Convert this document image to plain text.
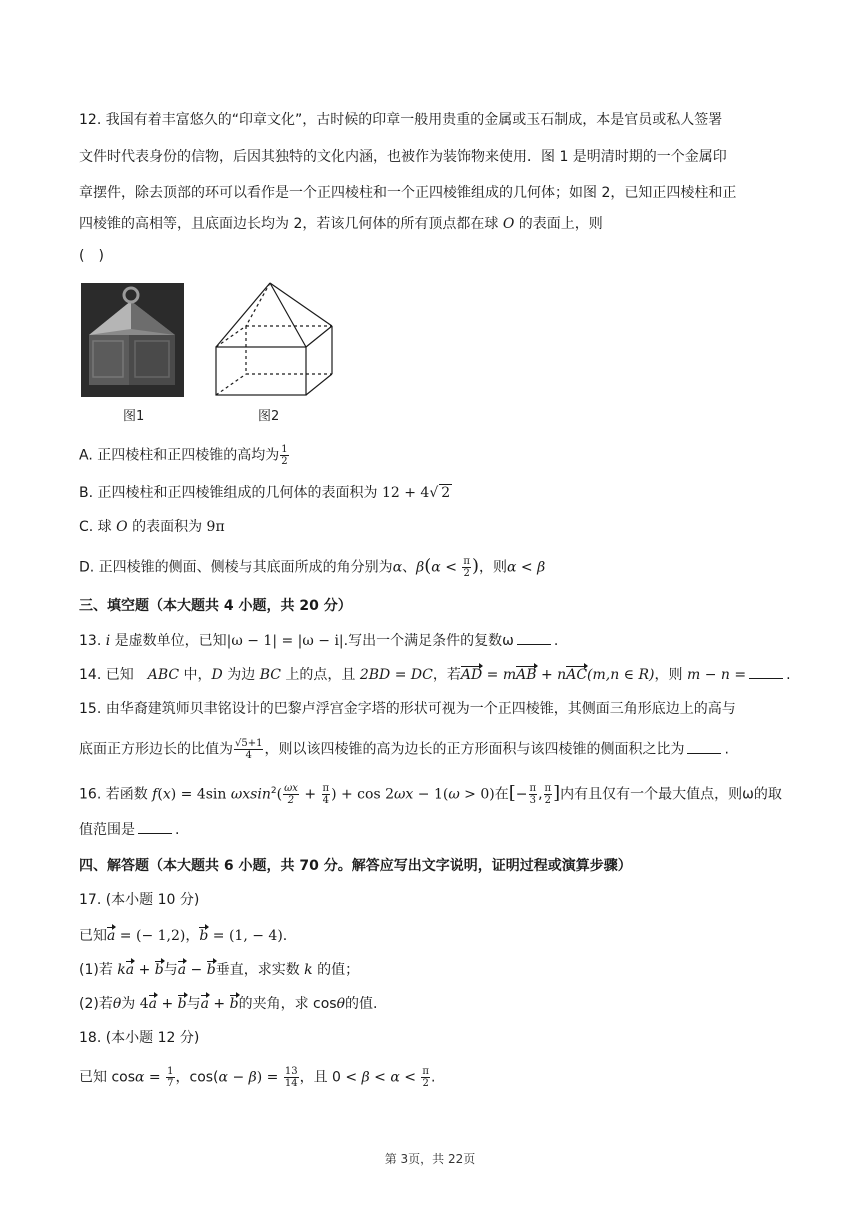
12. 我国有着丰富悠久的“印章文化”，古时候的印章一般用贵重的金属或玉石制成，本是官员或私人签署
文件时代表身份的信物，后因其独特的文化内涵，也被作为装饰物来使用．图 1 是明清时期的一个金属印
章摆件，除去顶部的环可以看作是一个正四棱柱和一个正四棱锥组成的几何体；如图 2，已知正四棱柱和正
四棱锥的高相等，且底面边长均为 2，若该几何体的所有顶点都在球 O 的表面上，则
(　)
图1	图2
A. 正四棱柱和正四棱锥的高均为 $\frac{1}{2}$
B. 正四棱柱和正四棱锥组成的几何体的表面积为 12 + 4√ 2
C. 球 O 的表面积为 9π
D. 正四棱锥的侧面、侧棱与其底面所成的角分别为α、$\beta(\alpha < \frac{\pi}{2}$ )，则α < β
三、填空题（本大题共 4 小题，共 20 分）
13. i 是虚数单位，已知|ω − 1| = |ω − i|.写出一个满足条件的复数ω	.
14. 已知　ABC 中，D 为边 BC 上的点，且 2BD = DC，若AD = mAB + nAC(m,n ∈ R)，则 m − n =	.
15. 由华裔建筑师贝聿铭设计的巴黎卢浮宫金字塔的形状可视为一个正四棱锥，其侧面三角形底边上的高与
底面正方形边长的比值为 $\frac{√5+1}{4}$ ，则以该四棱锥的高为边长的正方形面积与该四棱锥的侧面积之比为	.
16. 若函数 f(x) = 4sin $\omega xsin^2( \frac{\omega x}{2} + \frac{\pi}{4}$ ) + cos 2ωx − 1(ω > 0)在[− $\frac{\pi}{3}$ , $\frac{\pi}{2}$ ]内有且仅有一个最大值点，则ω的取
值范围是	.
四、解答题（本大题共 6 小题，共 70 分。解答应写出文字说明，证明过程或演算步骤）
17. (本小题 10 分)
已知a = (− 1,2)，b = (1, − 4).
(1)若 ka + b与a − b垂直，求实数 k 的值；
(2)若θ为 4a + b与a + b的夹角，求 cosθ的值.
18. (本小题 12 分)
已知 $\cos\alpha = \frac{1}{7}$ ，$\cos(\alpha - \beta) = \frac{13}{14}$ ，且 $0 < \beta < \alpha < \frac{\pi}{2}$ .
第 3页，共 22页
